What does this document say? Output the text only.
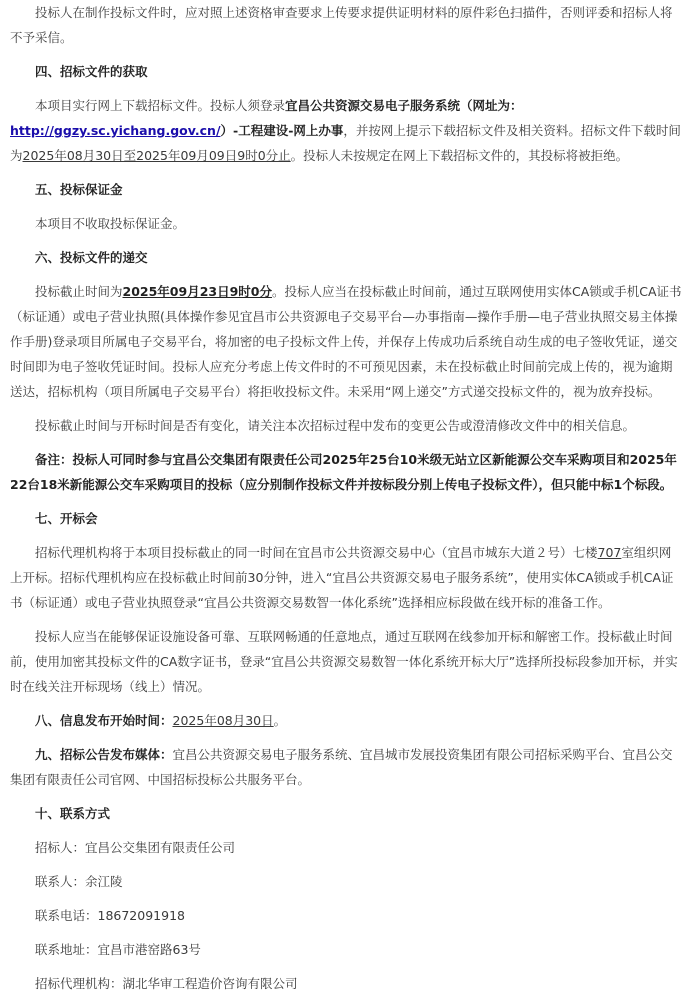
投标人在制作投标文件时，应对照上述资格审查要求上传要求提供证明材料的原件彩色扫描件，否则评委和招标人将不予采信。

四、招标文件的获取

本项目实行网上下载招标文件。投标人须登录宜昌公共资源交易电子服务系统（网址为：http://ggzy.sc.yichang.gov.cn/）-工程建设-网上办事，并按网上提示下载招标文件及相关资料。招标文件下载时间为2025年08月30日至2025年09月09日9时0分止。投标人未按规定在网上下载招标文件的，其投标将被拒绝。

五、投标保证金

本项目不收取投标保证金。

六、投标文件的递交

投标截止时间为2025年09月23日9时0分。投标人应当在投标截止时间前，通过互联网使用实体CA锁或手机CA证书（标证通）或电子营业执照(具体操作参见宜昌市公共资源电子交易平台—办事指南—操作手册—电子营业执照交易主体操作手册)登录项目所属电子交易平台，将加密的电子投标文件上传，并保存上传成功后系统自动生成的电子签收凭证，递交时间即为电子签收凭证时间。投标人应充分考虑上传文件时的不可预见因素，未在投标截止时间前完成上传的，视为逾期送达，招标机构（项目所属电子交易平台）将拒收投标文件。未采用“网上递交”方式递交投标文件的，视为放弃投标。

投标截止时间与开标时间是否有变化，请关注本次招标过程中发布的变更公告或澄清修改文件中的相关信息。

备注：投标人可同时参与宜昌公交集团有限责任公司2025年25台10米级无站立区新能源公交车采购项目和2025年22台18米新能源公交车采购项目的投标（应分别制作投标文件并按标段分别上传电子投标文件），但只能中标1个标段。

七、开标会

招标代理机构将于本项目投标截止的同一时间在宜昌市公共资源交易中心（宜昌市城东大道２号）七楼707室组织网上开标。招标代理机构应在投标截止时间前30分钟，进入“宜昌公共资源交易电子服务系统”，使用实体CA锁或手机CA证书（标证通）或电子营业执照登录“宜昌公共资源交易数智一体化系统”选择相应标段做在线开标的准备工作。

投标人应当在能够保证设施设备可靠、互联网畅通的任意地点，通过互联网在线参加开标和解密工作。投标截止时间前，使用加密其投标文件的CA数字证书，登录“宜昌公共资源交易数智一体化系统开标大厅”选择所投标段参加开标，并实时在线关注开标现场（线上）情况。

八、信息发布开始时间：2025年08月30日。

九、招标公告发布媒体：宜昌公共资源交易电子服务系统、宜昌城市发展投资集团有限公司招标采购平台、宜昌公交集团有限责任公司官网、中国招标投标公共服务平台。

十、联系方式

招标人：宜昌公交集团有限责任公司

联系人：余江陵

联系电话：18672091918

联系地址：宜昌市港窑路63号

招标代理机构：湖北华审工程造价咨询有限公司
